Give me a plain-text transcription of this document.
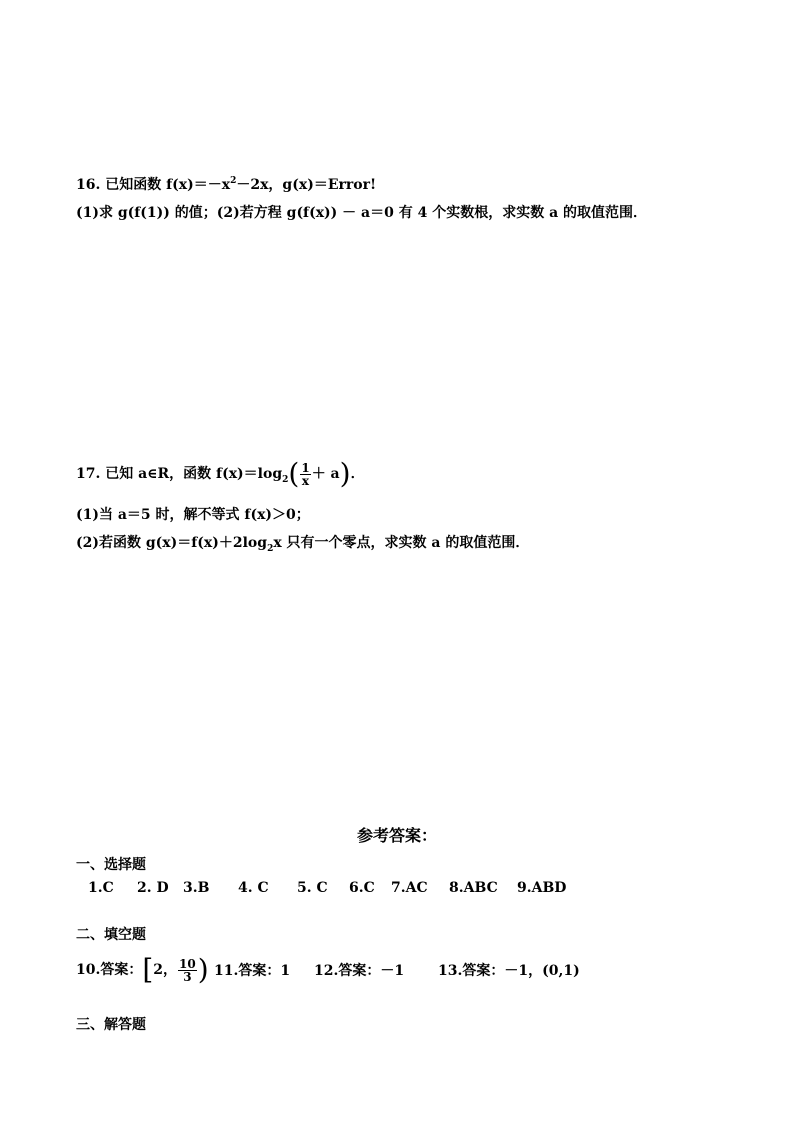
16. 已知函数 $f(x)=-x^2-2x$，g(x)＝Error!
(1)求 g(f(1)) 的值；(2)若方程 g(f(x)) － a＝0 有 4 个实数根，求实数 a 的取值范围．
17. 已知 a∈R，函数 $f(x)=\log_2( \frac{1}{x} + a)$．
(1)当 a＝5 时，解不等式 f(x)＞0；
(2)若函数 $g(x)=f(x)+2\log_2x$ 只有一个零点，求实数 a 的取值范围．
参考答案：
一、选择题
1.C 2. D 3.B 4. C 5. C 6.C 7.AC 8.ABC 9.ABD
二、填空题
10.答案：[2， $\frac{10}{3}$ ) 11.答案：1 12.答案：－1 13.答案：－1，(0,1)
三、解答题
